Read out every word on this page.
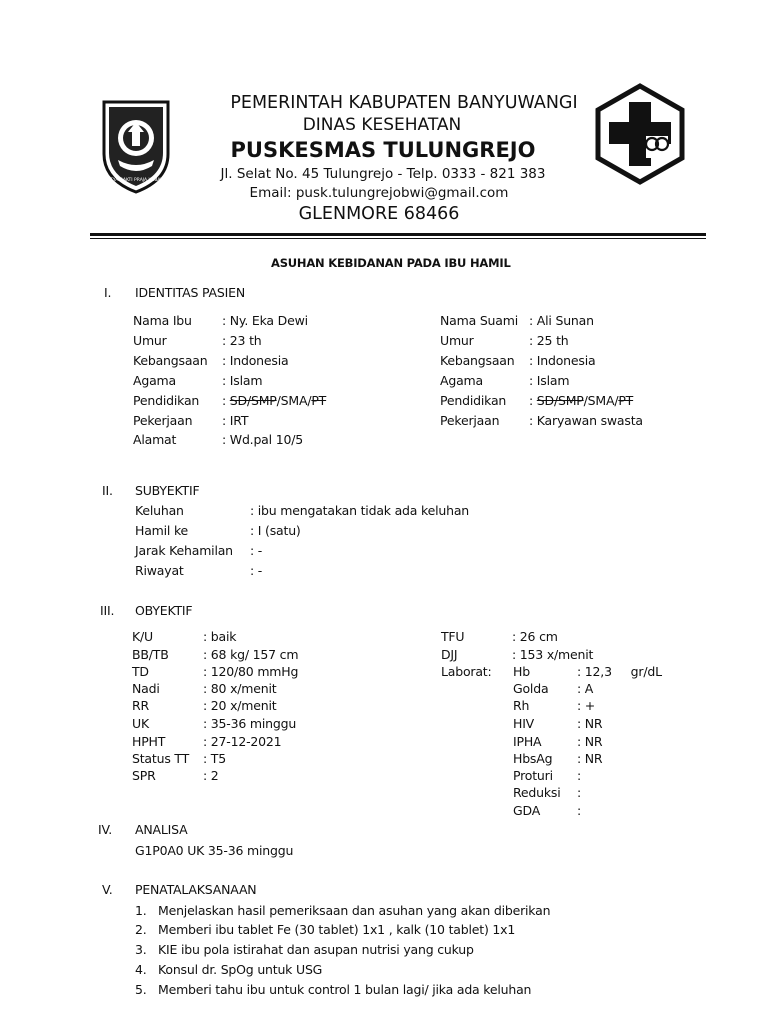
SATYA BAKTI PRAJA WIBAWA
PEMERINTAH KABUPATEN BANYUWANGI
DINAS KESEHATAN
PUSKESMAS TULUNGREJO
Jl. Selat No. 45 Tulungrejo - Telp. 0333 - 821 383
Email: pusk.tulungrejobwi@gmail.com
GLENMORE 68466
ASUHAN KEBIDANAN PADA IBU HAMIL
I. IDENTITAS PASIEN
Nama Ibu : Ny. Eka Dewi
Umur	: 23 th
Kebangsaan : Indonesia
Agama	: Islam
Pendidikan : SD/SMP/SMA/PT
Pekerjaan : IRT
Alamat	: Wd.pal 10/5
Nama Suami : Ali Sunan
Umur	: 25 th
Kebangsaan : Indonesia
Agama	: Islam
Pendidikan : SD/SMP/SMA/PT
Pekerjaan : Karyawan swasta
II. SUBYEKTIF
Keluhan	: ibu mengatakan tidak ada keluhan
Hamil ke	: I (satu)
Jarak Kehamilan : -
Riwayat	: -
III. OBYEKTIF
K/U	: baik
BB/TB	: 68 kg/ 157 cm
TD	: 120/80 mmHg
Nadi	: 80 x/menit
RR	: 20 x/menit
UK	: 35-36 minggu
HPHT	: 27-12-2021
Status TT : T5
SPR	: 2
TFU	: 26 cm
DJJ	: 153 x/menit
Laborat: Hb	: 12,3     gr/dL
Golda : A
Rh	: +
HIV	: NR
IPHA	: NR
HbsAg : NR
Proturi :
Reduksi :
GDA	:
IV. ANALISA
G1P0A0 UK 35-36 minggu
V. PENATALAKSANAAN
1. Menjelaskan hasil pemeriksaan dan asuhan yang akan diberikan
2. Memberi ibu tablet Fe (30 tablet) 1x1 , kalk (10 tablet) 1x1
3. KIE ibu pola istirahat dan asupan nutrisi yang cukup
4. Konsul dr. SpOg untuk USG
5. Memberi tahu ibu untuk control 1 bulan lagi/ jika ada keluhan
